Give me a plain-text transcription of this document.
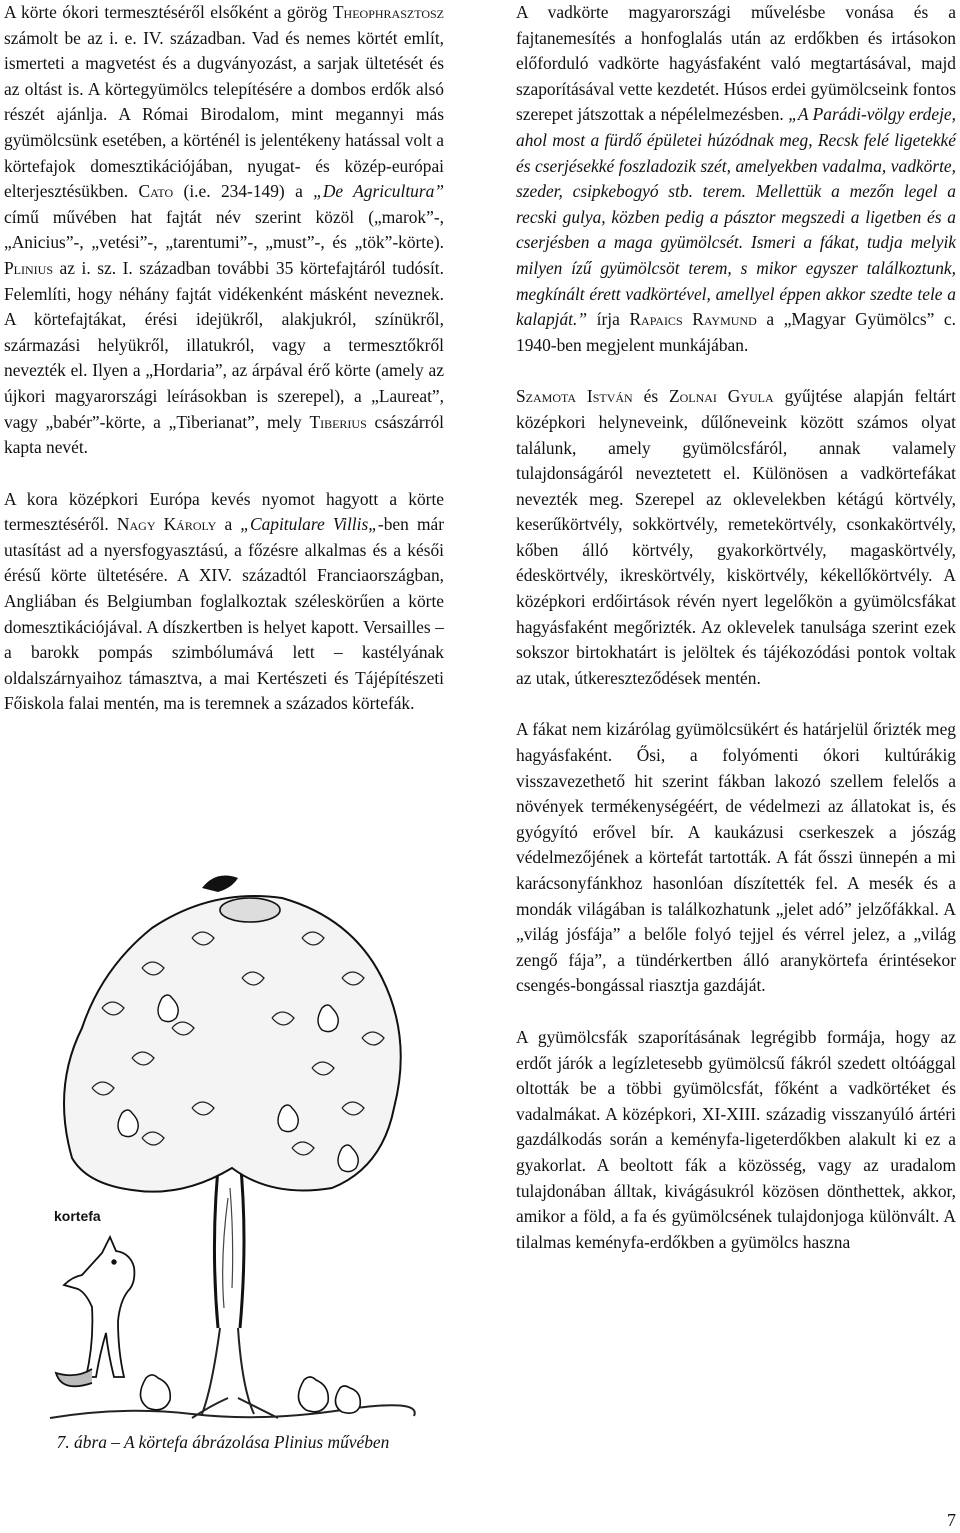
A körte ókori termesztéséről elsőként a görög Theophrasztosz számolt be az i. e. IV. században. Vad és nemes körtét említ, ismerteti a magvetést és a dugványozást, a sarjak ültetését és az oltást is. A körtegyümölcs telepítésére a dombos erdők alsó részét ajánlja. A Római Birodalom, mint megannyi más gyümölcsünk esetében, a körténél is jelentékeny hatással volt a körtefajok domesztikációjában, nyugat- és közép-európai elterjesztésükben. Cato (i.e. 234-149) a „De Agricultura” című művében hat fajtát név szerint közöl („marok”-, „Anicius”-, „vetési”-, „tarentumi”-, „must”-, és „tök”-körte). Plinius az i. sz. I. században további 35 körtefajtáról tudósít. Felemlíti, hogy néhány fajtát vidékenként másként neveznek. A körtefajtákat, érési idejükről, alakjukról, színükről, származási helyükről, illatukról, vagy a termesztőkről nevezték el. Ilyen a „Hordaria”, az árpával érő körte (amely az újkori magyarországi leírásokban is szerepel), a „Laureat”, vagy „babér”-körte, a „Tiberianat”, mely Tiberius császárról kapta nevét.

A kora középkori Európa kevés nyomot hagyott a körte termesztéséről. Nagy Károly a „Capitulare Villis„-ben már utasítást ad a nyersfogyasztású, a főzésre alkalmas és a késői érésű körte ültetésére. A XIV. századtól Franciaországban, Angliában és Belgiumban foglalkoztak széleskörűen a körte domesztikációjával. A díszkertben is helyet kapott. Versailles – a barokk pompás szimbólumává lett – kastélyának oldalszárnyaihoz támasztva, a mai Kertészeti és Tájépítészeti Főiskola falai mentén, ma is teremnek a százados körtefák.

kortefa
7. ábra – A körtefa ábrázolása Plinius művében

A vadkörte magyarországi művelésbe vonása és a fajtanemesítés a honfoglalás után az erdőkben és irtásokon előforduló vadkörte hagyásfaként való megtartásával, majd szaporításával vette kezdetét. Húsos erdei gyümölcseink fontos szerepet játszottak a népélelmezésben. „A Parádi-völgy erdeje, ahol most a fürdő épületei húzódnak meg, Recsk felé ligetekké és cserjésekké foszladozik szét, amelyekben vadalma, vadkörte, szeder, csipkebogyó stb. terem. Mellettük a mezőn legel a recski gulya, közben pedig a pásztor megszedi a ligetben és a cserjésben a maga gyümölcsét. Ismeri a fákat, tudja melyik milyen ízű gyümölcsöt terem, s mikor egyszer találkoztunk, megkínált érett vadkörtével, amellyel éppen akkor szedte tele a kalapját.” írja Rapaics Raymund a „Magyar Gyümölcs” c. 1940-ben megjelent munkájában.

Szamota István és Zolnai Gyula gyűjtése alapján feltárt középkori helyneveink, dűlőneveink között számos olyat találunk, amely gyümölcsfáról, annak valamely tulajdonságáról neveztetett el. Különösen a vadkörtefákat nevezték meg. Szerepel az oklevelekben kétágú körtvély, keserűkörtvély, sokkörtvély, remetekörtvély, csonkakörtvély, kőben álló körtvély, gyakorkörtvély, magaskörtvély, édeskörtvély, ikreskörtvély, kiskörtvély, kékellőkörtvély. A középkori erdőirtások révén nyert legelőkön a gyümölcsfákat hagyásfaként megőrizték. Az oklevelek tanulsága szerint ezek sokszor birtokhatárt is jelöltek és tájékozódási pontok voltak az utak, útkereszteződések mentén.

A fákat nem kizárólag gyümölcsükért és határjelül őrizték meg hagyásfaként. Ősi, a folyómenti ókori kultúrákig visszavezethető hit szerint fákban lakozó szellem felelős a növények termékenységéért, de védelmezi az állatokat is, és gyógyító erővel bír. A kaukázusi cserkeszek a jószág védelmezőjének a körtefát tartották. A fát ősszi ünnepén a mi karácsonyfánkhoz hasonlóan díszítették fel. A mesék és a mondák világában is találkozhatunk „jelet adó” jelzőfákkal. A „világ jósfája” a belőle folyó tejjel és vérrel jelez, a „világ zengő fája”, a tündérkertben álló aranykörtefa érintésekor csengés-bongással riasztja gazdáját.

A gyümölcsfák szaporításának legrégibb formája, hogy az erdőt járók a legízletesebb gyümölcsű fákról szedett oltóággal oltották be a többi gyümölcsfát, főként a vadkörtéket és vadalmákat. A középkori, XI-XIII. századig visszanyúló ártéri gazdálkodás során a keményfa-ligeterdőkben alakult ki ez a gyakorlat. A beoltott fák a közösség, vagy az uradalom tulajdonában álltak, kivágásukról közösen dönthettek, akkor, amikor a föld, a fa és gyümölcsének tulajdonjoga különvált. A tilalmas keményfa-erdőkben a gyümölcs haszna

7
